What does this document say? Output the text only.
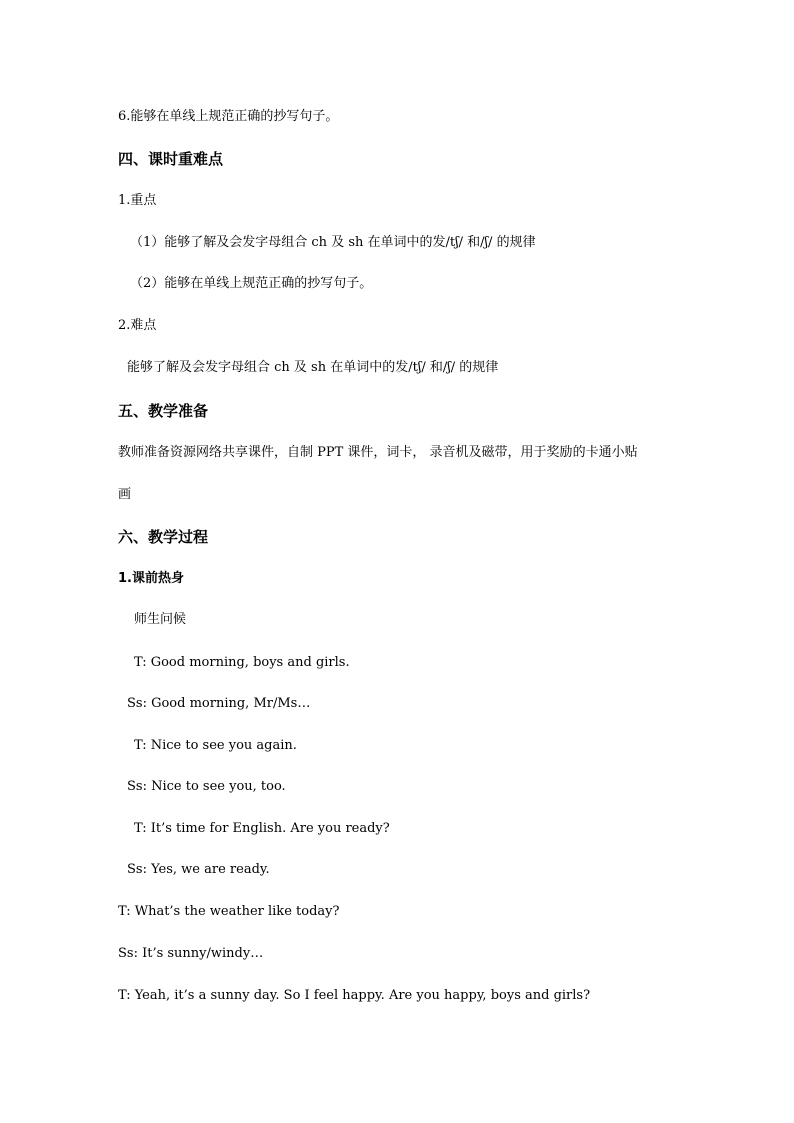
6.能够在单线上规范正确的抄写句子。
四、课时重难点
1.重点
（1）能够了解及会发字母组合 ch 及 sh 在单词中的发/tʃ/ 和/ʃ/ 的规律
（2）能够在单线上规范正确的抄写句子。
2.难点
能够了解及会发字母组合 ch 及 sh 在单词中的发/tʃ/ 和/ʃ/ 的规律
五、教学准备
教师准备资源网络共享课件，自制 PPT 课件，词卡， 录音机及磁带，用于奖励的卡通小贴
画
六、教学过程
1.课前热身
师生问候
T: Good morning, boys and girls.
Ss: Good morning, Mr/Ms…
T: Nice to see you again.
Ss: Nice to see you, too.
T: It’s time for English. Are you ready?
Ss: Yes, we are ready.
T: What’s the weather like today?
Ss: It’s sunny/windy…
T: Yeah, it’s a sunny day. So I feel happy. Are you happy, boys and girls?
